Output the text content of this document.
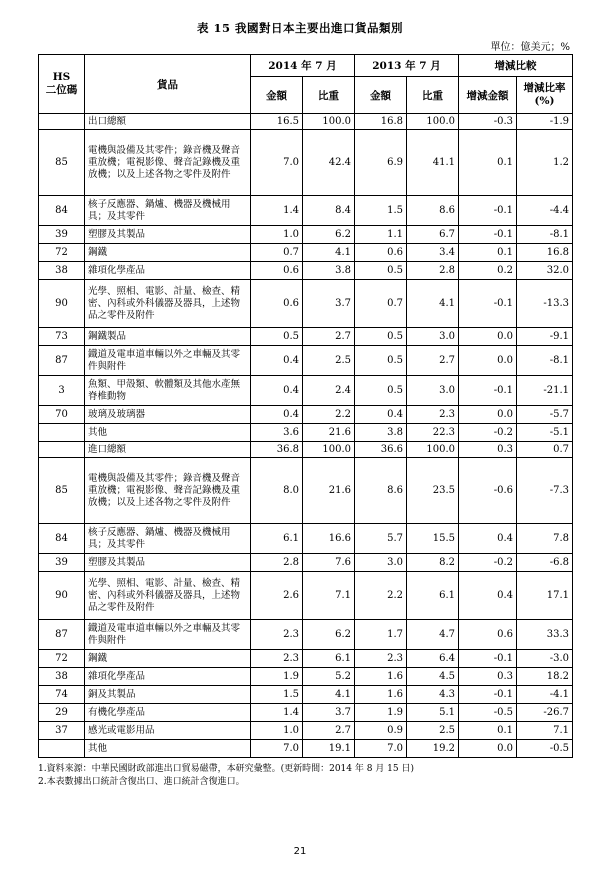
表 15 我國對日本主要出進口貨品類別
單位：億美元；%
HS
二位碼	貨品	2014 年 7 月		2013 年 7 月		增減比較	
		金額	比重	金額	比重	增減金額	增減比率
(%)
	出口總額	16.5	100.0	16.8	100.0	-0.3	-1.9
85	電機與設備及其零件；錄音機及聲音重放機；電視影像、聲音記錄機及重放機；以及上述各物之零件及附件	7.0	42.4	6.9	41.1	0.1	1.2
84	核子反應器、鍋爐、機器及機械用具；及其零件	1.4	8.4	1.5	8.6	-0.1	-4.4
39	塑膠及其製品	1.0	6.2	1.1	6.7	-0.1	-8.1
72	鋼鐵	0.7	4.1	0.6	3.4	0.1	16.8
38	雜項化學產品	0.6	3.8	0.5	2.8	0.2	32.0
90	光學、照相、電影、計量、檢查、精密、內科或外科儀器及器具，上述物品之零件及附件	0.6	3.7	0.7	4.1	-0.1	-13.3
73	鋼鐵製品	0.5	2.7	0.5	3.0	0.0	-9.1
87	鐵道及電車道車輛以外之車輛及其零件與附件	0.4	2.5	0.5	2.7	0.0	-8.1
3	魚類、甲殼類、軟體類及其他水產無脊椎動物	0.4	2.4	0.5	3.0	-0.1	-21.1
70	玻璃及玻璃器	0.4	2.2	0.4	2.3	0.0	-5.7
	其他	3.6	21.6	3.8	22.3	-0.2	-5.1
	進口總額	36.8	100.0	36.6	100.0	0.3	0.7
85	電機與設備及其零件；錄音機及聲音重放機；電視影像、聲音記錄機及重放機；以及上述各物之零件及附件	8.0	21.6	8.6	23.5	-0.6	-7.3
84	核子反應器、鍋爐、機器及機械用具；及其零件	6.1	16.6	5.7	15.5	0.4	7.8
39	塑膠及其製品	2.8	7.6	3.0	8.2	-0.2	-6.8
90	光學、照相、電影、計量、檢查、精密、內科或外科儀器及器具，上述物品之零件及附件	2.6	7.1	2.2	6.1	0.4	17.1
87	鐵道及電車道車輛以外之車輛及其零件與附件	2.3	6.2	1.7	4.7	0.6	33.3
72	鋼鐵	2.3	6.1	2.3	6.4	-0.1	-3.0
38	雜項化學產品	1.9	5.2	1.6	4.5	0.3	18.2
74	銅及其製品	1.5	4.1	1.6	4.3	-0.1	-4.1
29	有機化學產品	1.4	3.7	1.9	5.1	-0.5	-26.7
37	感光或電影用品	1.0	2.7	0.9	2.5	0.1	7.1
	其他	7.0	19.1	7.0	19.2	0.0	-0.5
1.資料來源：中華民國財政部進出口貿易磁帶，本研究彙整。(更新時間：2014 年 8 月 15 日)
2.本表數據出口統計含復出口、進口統計含復進口。
21
